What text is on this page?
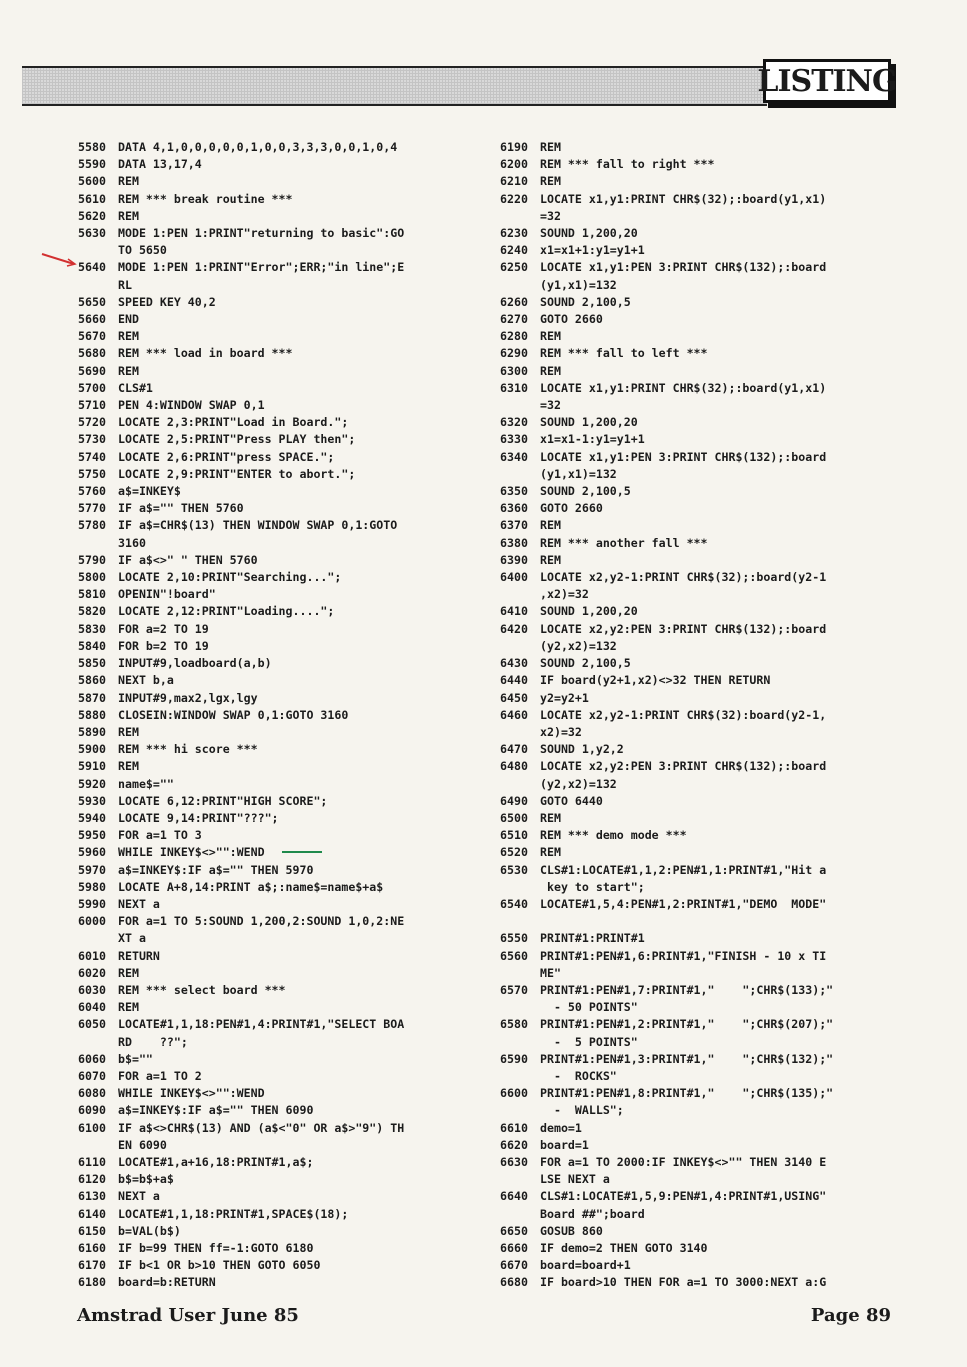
LISTING
5580	DATA 4,1,0,0,0,0,0,1,0,0,3,3,3,0,0,1,0,4
5590	DATA 13,17,4
5600	REM
5610	REM *** break routine ***
5620	REM
5630	MODE 1:PEN 1:PRINT"returning to basic":GO
TO 5650
5640	MODE 1:PEN 1:PRINT"Error";ERR;"in line";E
RL
5650	SPEED KEY 40,2
5660	END
5670	REM
5680	REM *** load in board ***
5690	REM
5700	CLS#1
5710	PEN 4:WINDOW SWAP 0,1
5720	LOCATE 2,3:PRINT"Load in Board.";
5730	LOCATE 2,5:PRINT"Press PLAY then";
5740	LOCATE 2,6:PRINT"press SPACE.";
5750	LOCATE 2,9:PRINT"ENTER to abort.";
5760	a$=INKEY$
5770	IF a$="" THEN 5760
5780	IF a$=CHR$(13) THEN WINDOW SWAP 0,1:GOTO
3160
5790	IF a$<>" " THEN 5760
5800	LOCATE 2,10:PRINT"Searching...";
5810	OPENIN"!board"
5820	LOCATE 2,12:PRINT"Loading....";
5830	FOR a=2 TO 19
5840	FOR b=2 TO 19
5850	INPUT#9,loadboard(a,b)
5860	NEXT b,a
5870	INPUT#9,max2,lgx,lgy
5880	CLOSEIN:WINDOW SWAP 0,1:GOTO 3160
5890	REM
5900	REM *** hi score ***
5910	REM
5920	name$=""
5930	LOCATE 6,12:PRINT"HIGH SCORE";
5940	LOCATE 9,14:PRINT"???";
5950	FOR a=1 TO 3
5960	WHILE INKEY$<>"":WEND
5970	a$=INKEY$:IF a$="" THEN 5970
5980	LOCATE A+8,14:PRINT a$;:name$=name$+a$
5990	NEXT a
6000	FOR a=1 TO 5:SOUND 1,200,2:SOUND 1,0,2:NE
XT a
6010	RETURN
6020	REM
6030	REM *** select board ***
6040	REM
6050	LOCATE#1,1,18:PEN#1,4:PRINT#1,"SELECT BOA
RD    ??";
6060	b$=""
6070	FOR a=1 TO 2
6080	WHILE INKEY$<>"":WEND
6090	a$=INKEY$:IF a$="" THEN 6090
6100	IF a$<>CHR$(13) AND (a$<"0" OR a$>"9") TH
EN 6090
6110	LOCATE#1,a+16,18:PRINT#1,a$;
6120	b$=b$+a$
6130	NEXT a
6140	LOCATE#1,1,18:PRINT#1,SPACE$(18);
6150	b=VAL(b$)
6160	IF b=99 THEN ff=-1:GOTO 6180
6170	IF b<1 OR b>10 THEN GOTO 6050
6180	board=b:RETURN
6190	REM
6200	REM *** fall to right ***
6210	REM
6220	LOCATE x1,y1:PRINT CHR$(32);:board(y1,x1)
=32
6230	SOUND 1,200,20
6240	x1=x1+1:y1=y1+1
6250	LOCATE x1,y1:PEN 3:PRINT CHR$(132);:board
(y1,x1)=132
6260	SOUND 2,100,5
6270	GOTO 2660
6280	REM
6290	REM *** fall to left ***
6300	REM
6310	LOCATE x1,y1:PRINT CHR$(32);:board(y1,x1)
=32
6320	SOUND 1,200,20
6330	x1=x1-1:y1=y1+1
6340	LOCATE x1,y1:PEN 3:PRINT CHR$(132);:board
(y1,x1)=132
6350	SOUND 2,100,5
6360	GOTO 2660
6370	REM
6380	REM *** another fall ***
6390	REM
6400	LOCATE x2,y2-1:PRINT CHR$(32);:board(y2-1
,x2)=32
6410	SOUND 1,200,20
6420	LOCATE x2,y2:PEN 3:PRINT CHR$(132);:board
(y2,x2)=132
6430	SOUND 2,100,5
6440	IF board(y2+1,x2)<>32 THEN RETURN
6450	y2=y2+1
6460	LOCATE x2,y2-1:PRINT CHR$(32):board(y2-1,
x2)=32
6470	SOUND 1,y2,2
6480	LOCATE x2,y2:PEN 3:PRINT CHR$(132);:board
(y2,x2)=132
6490	GOTO 6440
6500	REM
6510	REM *** demo mode ***
6520	REM
6530	CLS#1:LOCATE#1,1,2:PEN#1,1:PRINT#1,"Hit a
key to start";
6540	LOCATE#1,5,4:PEN#1,2:PRINT#1,"DEMO  MODE"

6550	PRINT#1:PRINT#1
6560	PRINT#1:PEN#1,6:PRINT#1,"FINISH - 10 x TI
ME"
6570	PRINT#1:PEN#1,7:PRINT#1,"    ";CHR$(133);"
- 50 POINTS"
6580	PRINT#1:PEN#1,2:PRINT#1,"    ";CHR$(207);"
-  5 POINTS"
6590	PRINT#1:PEN#1,3:PRINT#1,"    ";CHR$(132);"
-  ROCKS"
6600	PRINT#1:PEN#1,8:PRINT#1,"    ";CHR$(135);"
-  WALLS";
6610	demo=1
6620	board=1
6630	FOR a=1 TO 2000:IF INKEY$<>"" THEN 3140 E
LSE NEXT a
6640	CLS#1:LOCATE#1,5,9:PEN#1,4:PRINT#1,USING"
Board ##";board
6650	GOSUB 860
6660	IF demo=2 THEN GOTO 3140
6670	board=board+1
6680	IF board>10 THEN FOR a=1 TO 3000:NEXT a:G
Amstrad User June 85	Page 89
